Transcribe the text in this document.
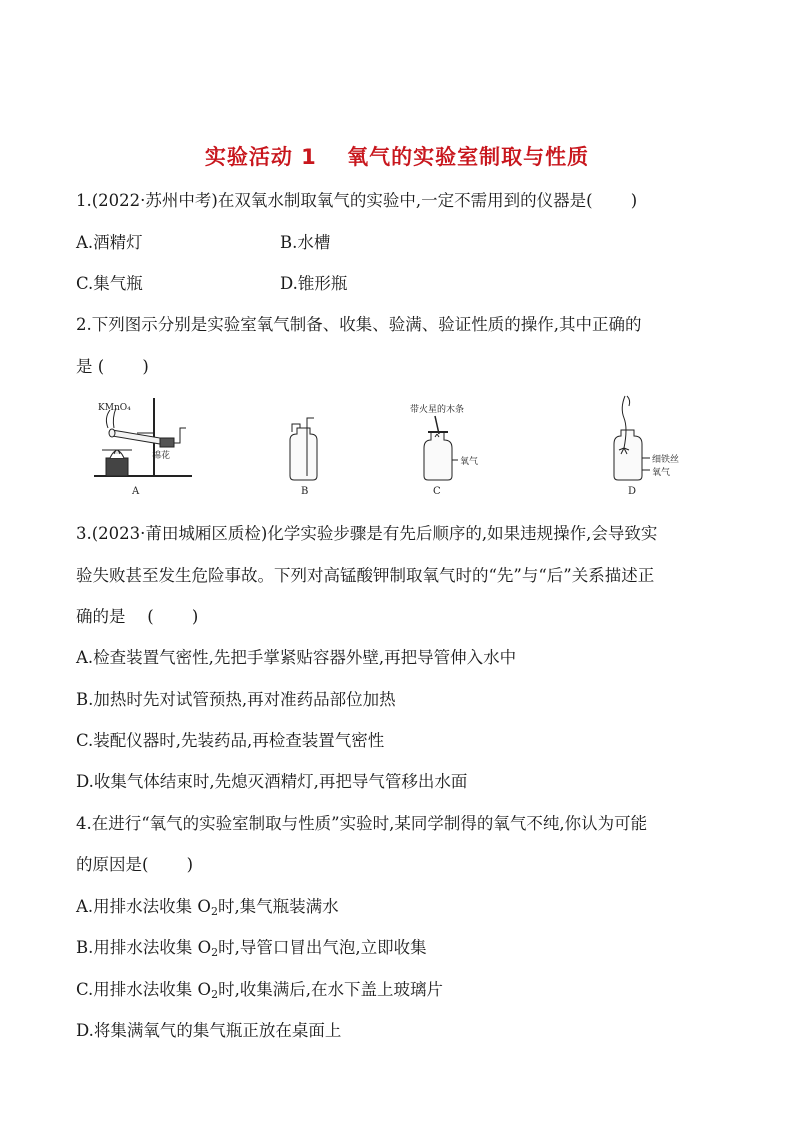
实验活动 1　 氧气的实验室制取与性质
1.(2022·苏州中考)在双氧水制取氧气的实验中,一定不需用到的仪器是(　　 )
A.酒精灯	B.水槽
C.集气瓶	D.锥形瓶
2.下列图示分别是实验室氧气制备、收集、验满、验证性质的操作,其中正确的
是 (　　 )
KMnO₄
棉花
A	B
带火星的木条
氧气
C
细铁丝
氧气
D
3.(2023·莆田城厢区质检)化学实验步骤是有先后顺序的,如果违规操作,会导致实
验失败甚至发生危险事故。下列对高锰酸钾制取氧气时的“先”与“后”关系描述正
确的是　 (　　 )
A.检查装置气密性,先把手掌紧贴容器外壁,再把导管伸入水中
B.加热时先对试管预热,再对准药品部位加热
C.装配仪器时,先装药品,再检查装置气密性
D.收集气体结束时,先熄灭酒精灯,再把导气管移出水面
4.在进行“氧气的实验室制取与性质”实验时,某同学制得的氧气不纯,你认为可能
的原因是(　　 )
A.用排水法收集 $O_2$时,集气瓶装满水
B.用排水法收集 $O_2$时,导管口冒出气泡,立即收集
C.用排水法收集 $O_2$时,收集满后,在水下盖上玻璃片
D.将集满氧气的集气瓶正放在桌面上
